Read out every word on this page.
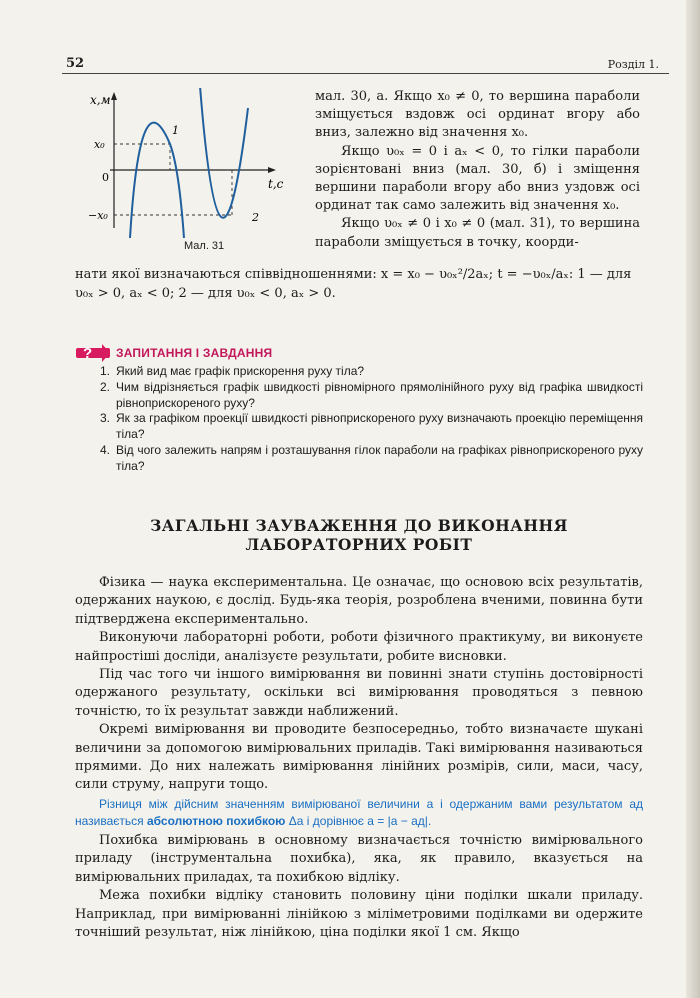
52	Розділ 1.
x,м
t,c
x₀
0
−x₀
1
2
Мал. 31

мал. 30, а. Якщо x₀ ≠ 0, то вершина параболи зміщується вздовж осі ординат вгору або вниз, залежно від значення x₀.

Якщо υ₀ₓ = 0 і aₓ < 0, то гілки параболи зорієнтовані вниз (мал. 30, б) і зміщення вершини параболи вгору або вниз уздовж осі ординат так само залежить від значення x₀.

Якщо υ₀ₓ ≠ 0 і x₀ ≠ 0 (мал. 31), то вершина параболи зміщується в точку, коорди-

нати якої визначаються співвідношеннями: x = x₀ − υ₀ₓ²/2aₓ; t = −υ₀ₓ/aₓ: 1 — для

υ₀ₓ > 0, aₓ < 0; 2 — для υ₀ₓ < 0, aₓ > 0.

? ЗАПИТАННЯ І ЗАВДАННЯ
1. Який вид має графік прискорення руху тіла?
2. Чим відрізняється графік швидкості рівномірного прямолінійного руху від графіка швидкості рівноприскореного руху?
3. Як за графіком проекції швидкості рівноприскореного руху визначають проекцію переміщення тіла?
4. Від чого залежить напрям і розташування гілок параболи на графіках рівноприскореного руху тіла?
ЗАГАЛЬНІ ЗАУВАЖЕННЯ ДО ВИКОНАННЯ ЛАБОРАТОРНИХ РОБІТ

Фізика — наука експериментальна. Це означає, що основою всіх результатів, одержаних наукою, є дослід. Будь-яка теорія, розроблена вченими, повинна бути підтверджена експериментально.

Виконуючи лабораторні роботи, роботи фізичного практикуму, ви виконуєте найпростіші досліди, аналізуєте результати, робите висновки.

Під час того чи іншого вимірювання ви повинні знати ступінь достовірності одержаного результату, оскільки всі вимірювання проводяться з певною точністю, то їх результат завжди наближений.

Окремі вимірювання ви проводите безпосередньо, тобто визначаєте шукані величини за допомогою вимірювальних приладів. Такі вимірювання називаються прямими. До них належать вимірювання лінійних розмірів, сили, маси, часу, сили струму, напруги тощо.

Різниця між дійсним значенням вимірюваної величини a і одержаним вами результатом aд називається абсолютною похибкою Δa і дорівнює a = |a − aд|.

Похибка вимірювань в основному визначається точністю вимірювального приладу (інструментальна похибка), яка, як правило, вказується на вимірювальних приладах, та похибкою відліку.

Межа похибки відліку становить половину ціни поділки шкали приладу. Наприклад, при вимірюванні лінійкою з міліметровими поділками ви одержите точніший результат, ніж лінійкою, ціна поділки якої 1 см. Якщо
